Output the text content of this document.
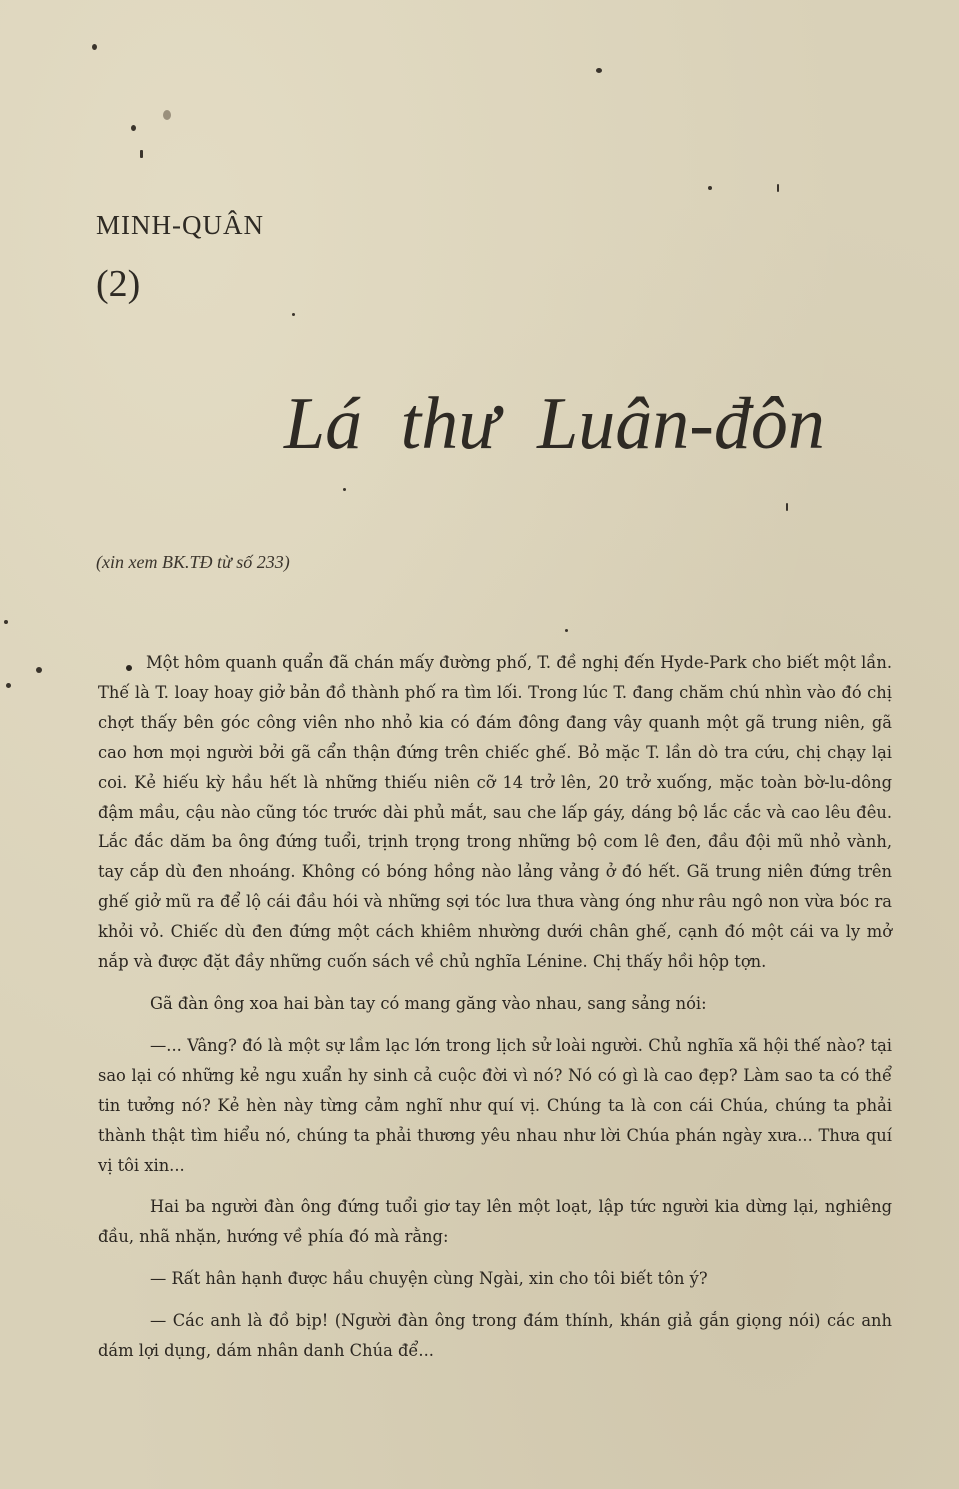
MINH-QUÂN
(2)
Lá thư Luân-đôn
(xin xem BK.TĐ từ số 233)

Một hôm quanh quẩn đã chán mấy đường phố, T. đề nghị đến Hyde-Park cho biết một lần. Thế là T. loay hoay giở bản đồ thành phố ra tìm lối. Trong lúc T. đang chăm chú nhìn vào đó chị chợt thấy bên góc công viên nho nhỏ kia có đám đông đang vây quanh một gã trung niên, gã cao hơn mọi người bởi gã cẩn thận đứng trên chiếc ghế. Bỏ mặc T. lần dò tra cứu, chị chạy lại coi. Kẻ hiếu kỳ hầu hết là những thiếu niên cỡ 14 trở lên, 20 trở xuống, mặc toàn bờ-lu-dông đậm mầu, cậu nào cũng tóc trước dài phủ mắt, sau che lấp gáy, dáng bộ lắc cắc và cao lêu đêu. Lắc đắc dăm ba ông đứng tuổi, trịnh trọng trong những bộ com lê đen, đầu đội mũ nhỏ vành, tay cắp dù đen nhoáng. Không có bóng hồng nào lảng vảng ở đó hết. Gã trung niên đứng trên ghế giở mũ ra để lộ cái đầu hói và những sợi tóc lưa thưa vàng óng như râu ngô non vừa bóc ra khỏi vỏ. Chiếc dù đen đứng một cách khiêm nhường dưới chân ghế, cạnh đó một cái va ly mở nắp và được đặt đầy những cuốn sách về chủ nghĩa Lénine. Chị thấy hồi hộp tợn.

Gã đàn ông xoa hai bàn tay có mang găng vào nhau, sang sảng nói:

—... Vâng? đó là một sự lầm lạc lớn trong lịch sử loài người. Chủ nghĩa xã hội thế nào? tại sao lại có những kẻ ngu xuẩn hy sinh cả cuộc đời vì nó? Nó có gì là cao đẹp? Làm sao ta có thể tin tưởng nó? Kẻ hèn này từng cảm nghĩ như quí vị. Chúng ta là con cái Chúa, chúng ta phải thành thật tìm hiểu nó, chúng ta phải thương yêu nhau như lời Chúa phán ngày xưa... Thưa quí vị tôi xin...

Hai ba người đàn ông đứng tuổi giơ tay lên một loạt, lập tức người kia dừng lại, nghiêng đầu, nhã nhặn, hướng về phía đó mà rằng:

— Rất hân hạnh được hầu chuyện cùng Ngài, xin cho tôi biết tôn ý?

— Các anh là đồ bịp! (Người đàn ông trong đám thính, khán giả gắn giọng nói) các anh dám lợi dụng, dám nhân danh Chúa để...
